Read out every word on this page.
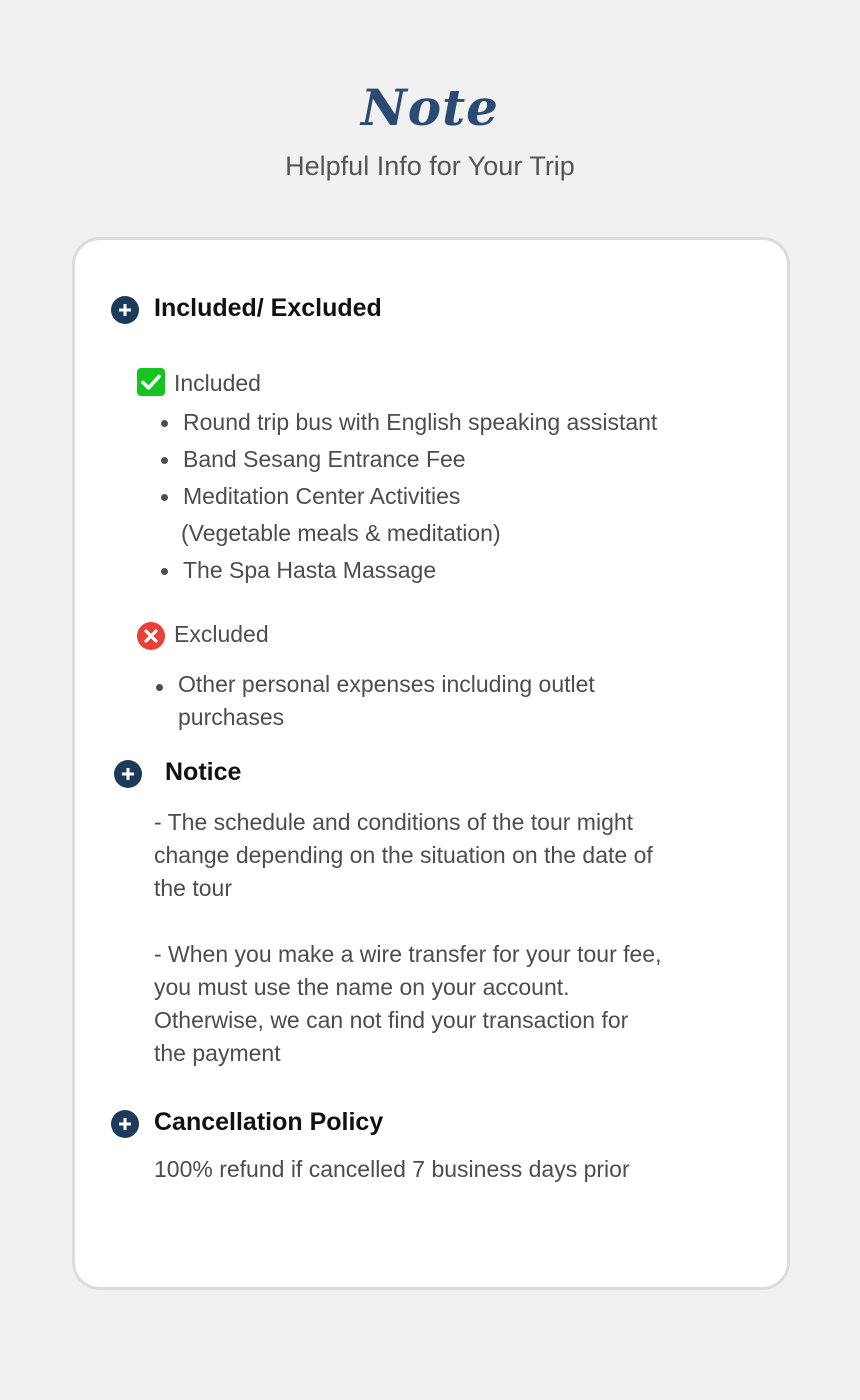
Note
Helpful Info for Your Trip
Included/ Excluded
Included
Round trip bus with English speaking assistant
Band Sesang Entrance Fee
Meditation Center Activities
(Vegetable meals & meditation)
The Spa Hasta Massage
Excluded
Other personal expenses including outlet
purchases
Notice
- The schedule and conditions of the tour might
change depending on the situation on the date of
the tour
- When you make a wire transfer for your tour fee,
you must use the name on your account.
Otherwise, we can not find your transaction for
the payment
Cancellation Policy
100% refund if cancelled 7 business days prior
